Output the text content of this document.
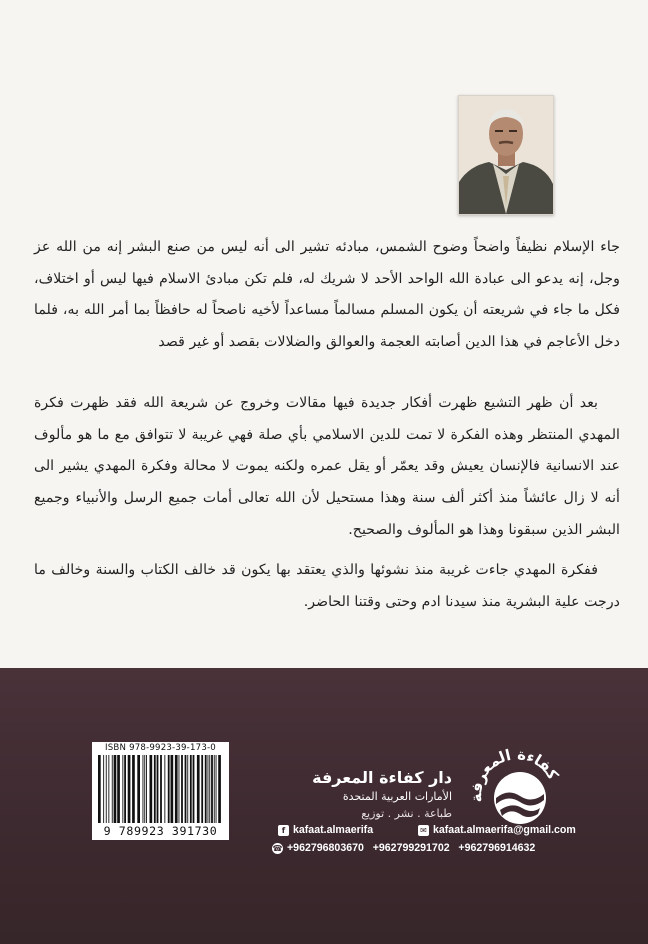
جاء الإسلام نظيفاً واضحاً وضوح الشمس، مبادئه تشير الى أنه ليس من صنع البشر إنه من الله عز وجل، إنه يدعو الى عبادة الله الواحد الأحد لا شريك له، فلم تكن مبادئ الاسلام فيها ليس أو اختلاف، فكل ما جاء في شريعته أن يكون المسلم مسالماً مساعداً لأخيه ناصحاً له حافظاً بما أمر الله به، فلما دخل الأعاجم في هذا الدين أصابته العجمة والعوالق والضلالات بقصد أو غير قصد

بعد أن ظهر التشيع ظهرت أفكار جديدة فيها مقالات وخروج عن شريعة الله فقد ظهرت فكرة المهدي المنتظر وهذه الفكرة لا تمت للدين الاسلامي بأي صلة فهي غريبة لا تتوافق مع ما هو مألوف عند الانسانية فالإنسان يعيش وقد يعمّر أو يقل عمره ولكنه يموت لا محالة وفكرة المهدي يشير الى أنه لا زال عائشاً منذ أكثر ألف سنة وهذا مستحيل لأن الله تعالى أمات جميع الرسل والأنبياء وجميع البشر الذين سبقونا وهذا هو المألوف والصحيح.

ففكرة المهدي جاءت غريبة منذ نشوئها والذي يعتقد بها يكون قد خالف الكتاب والسنة وخالف ما درجت علية البشرية منذ سيدنا ادم وحتى وقتنا الحاضر.

ISBN 978-9923-39-173-0
9 789923 391730
دار كفاءة المعرفة
الأمارات العربية المتحدة
طباعة . نشر . توزيع
كفاءة المعرفة
✉ kafaat.almaerifa@gmail.com
f kafaat.almaerifa
☎ +962796803670   +962799291702   +962796914632
